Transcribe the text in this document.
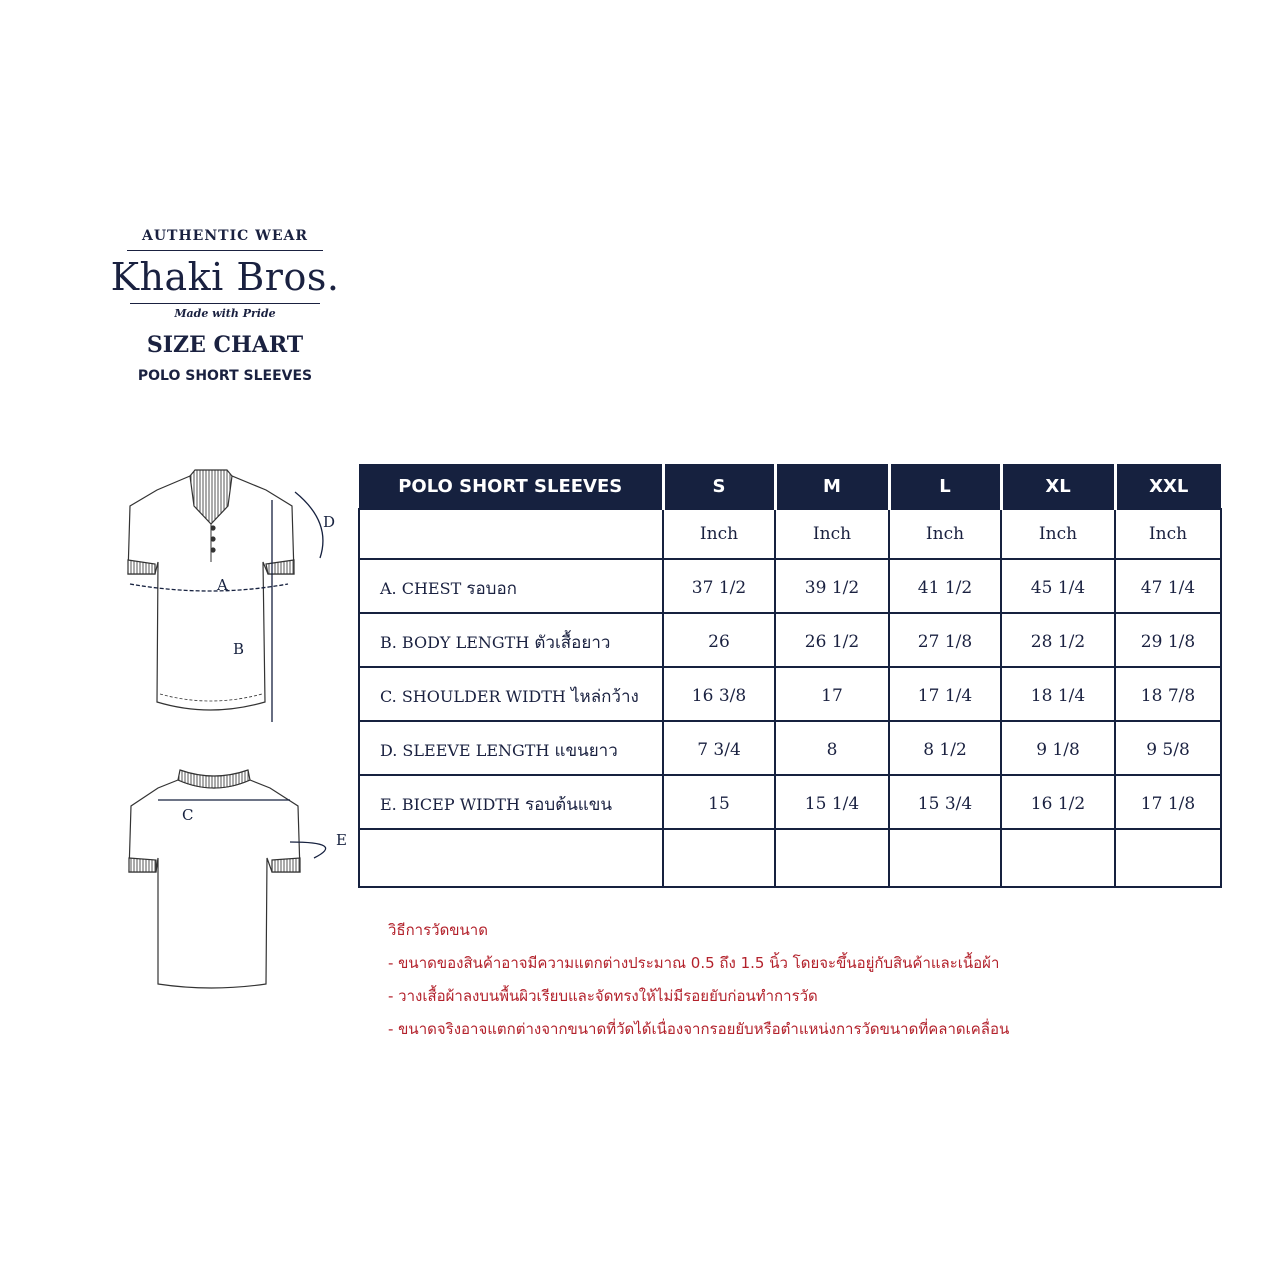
AUTHENTIC WEAR
Khaki Bros.
Made with Pride
SIZE CHART
POLO SHORT SLEEVES
A
B
D
C
E
POLO SHORT SLEEVES	S	M	L	XL	XXL
	Inch	Inch	Inch	Inch	Inch
A. CHEST รอบอก	37 1/2	39 1/2	41 1/2	45 1/4	47 1/4
B. BODY LENGTH ตัวเสื้อยาว	26	26 1/2	27 1/8	28 1/2	29 1/8
C. SHOULDER WIDTH ไหล่กว้าง	16 3/8	17	17 1/4	18 1/4	18 7/8
D. SLEEVE LENGTH แขนยาว	7 3/4	8	8 1/2	9 1/8	9 5/8
E. BICEP WIDTH รอบต้นแขน	15	15 1/4	15 3/4	16 1/2	17 1/8

วิธีการวัดขนาด
- ขนาดของสินค้าอาจมีความแตกต่างประมาณ 0.5 ถึง 1.5 นิ้ว โดยจะขึ้นอยู่กับสินค้าและเนื้อผ้า
- วางเสื้อผ้าลงบนพื้นผิวเรียบและจัดทรงให้ไม่มีรอยยับก่อนทำการวัด
- ขนาดจริงอาจแตกต่างจากขนาดที่วัดได้เนื่องจากรอยยับหรือตำแหน่งการวัดขนาดที่คลาดเคลื่อน
